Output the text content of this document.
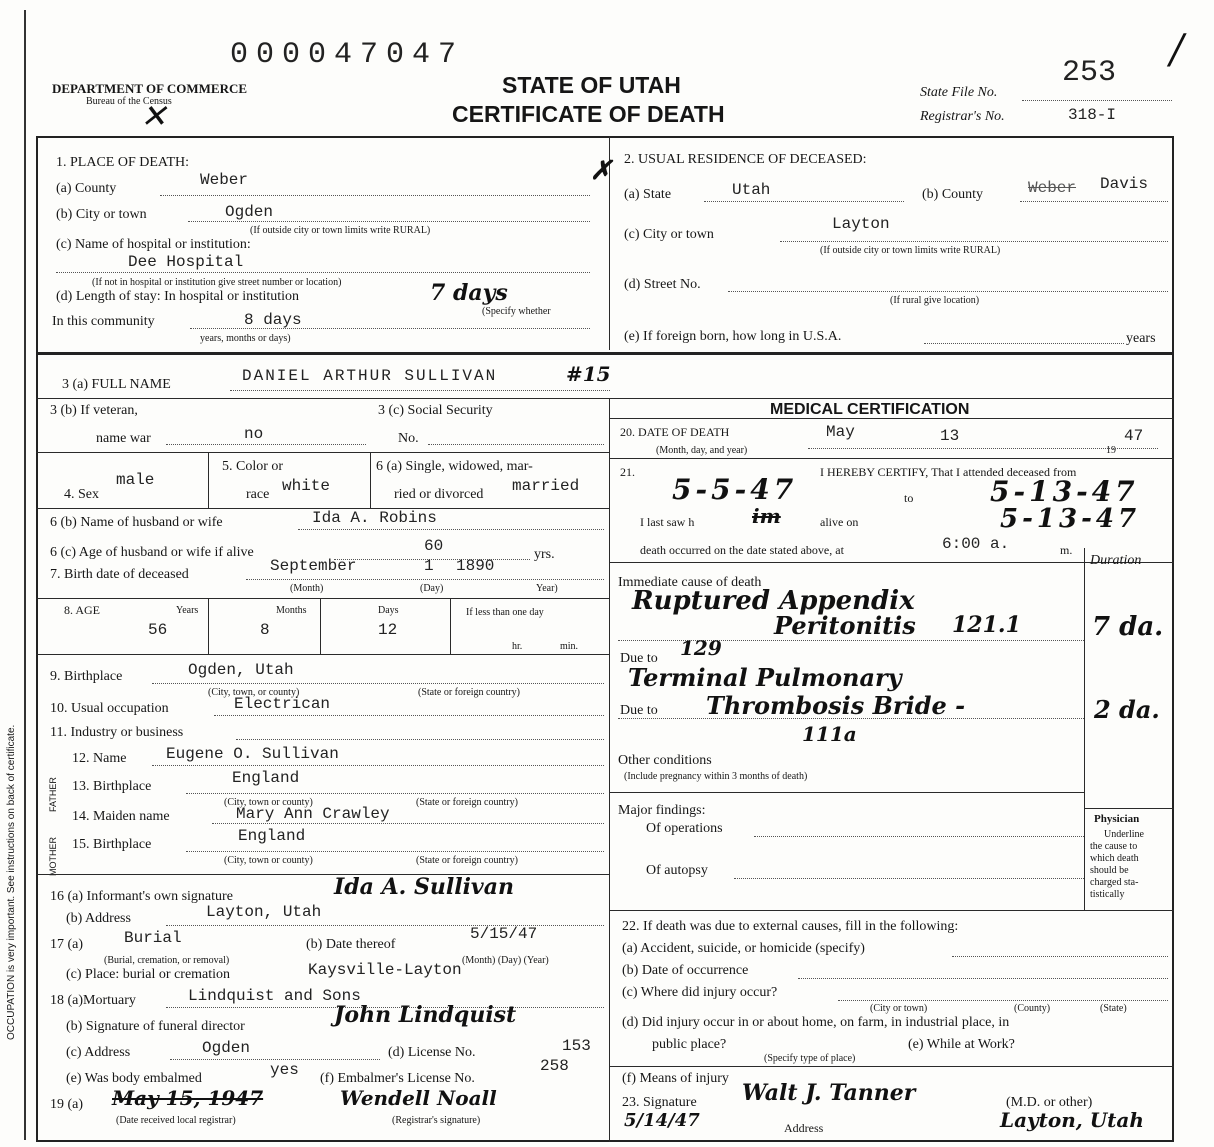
OCCUPATION is very important. See instructions on back of certificate.
000047047
253
DEPARTMENT OF COMMERCE
Bureau of the Census
✕
STATE OF UTAH
CERTIFICATE OF DEATH
State File No.
Registrar's No.	318-I
/
1. PLACE OF DEATH:	✗
(a) County	Weber
(b) City or town	Ogden
(If outside city or town limits write RURAL)
(c) Name of hospital or institution:
Dee Hospital
(If not in hospital or institution give street number or location)
(d) Length of stay: In hospital or institution	7 days
(Specify whether
In this community	8 days
years, months or days)
2. USUAL RESIDENCE OF DECEASED:
(a) State	Utah	(b) County	Weber Davis
(c) City or town
Layton
(If outside city or town limits write RURAL)
(d) Street No.
(If rural give location)
(e) If foreign born, how long in U.S.A.	years
3 (a) FULL NAME	DANIEL ARTHUR SULLIVAN	#15
3 (b) If veteran,
name war	no
3 (c) Social Security
No.
male
4. Sex
5. Color or
race white
6 (a) Single, widowed, mar-
ried or divorced married
6 (b) Name of husband or wife	Ida A. Robins
6 (c) Age of husband or wife if alive	60	yrs.
7. Birth date of deceased	September	1 1890
(Month)	(Day)	Year)
8. AGE	Years	Months	Days	If less than one day
56	8	12
hr.	min.
9. Birthplace	Ogden, Utah
(City, town, or county)	(State or foreign country)
10. Usual occupation	Electrican
11. Industry or business
MOTHER
FATHER
12. Name Eugene O. Sullivan
13. Birthplace	England
(City, town or county)	(State or foreign country)
14. Maiden name	Mary Ann Crawley
15. Birthplace	England
(City, town or county)	(State or foreign country)
16 (a) Informant's own signature	Ida A. Sullivan
(b) Address	Layton, Utah
17 (a)	Burial
(Burial, cremation, or removal)
(b) Date thereof
5/15/47
(Month) (Day) (Year)
(c) Place: burial or cremation	Kaysville-Layton
18 (a)Mortuary	Lindquist and Sons
(b) Signature of funeral director	John Lindquist
(c) Address	Ogden	(d) License No.	153
(e) Was body embalmed	yes (f) Embalmer's License No.
258
19 (a) May 15, 1947	Wendell Noall
(Date received local registrar)	(Registrar's signature)
MEDICAL CERTIFICATION
20. DATE OF DEATH
(Month, day, and year)
May	13
19
47
21.	I HEREBY CERTIFY, That I attended deceased from
5-5-47	to	5-13-47
I last saw h	im	alive on	5-13-47
death occurred on the date stated above, at	6:00 a.	m.
Duration
Immediate cause of death
Ruptured Appendix
Peritonitis 121.1	7 da.
Due to 129
Terminal Pulmonary
Due to Thrombosis Bride -	2 da.
111a
Other conditions
(Include pregnancy within 3 months of death)
Major findings:
Of operations
Of autopsy
Physician
Underline
the cause to
which death
should be
charged sta-
tistically
22. If death was due to external causes, fill in the following:
(a) Accident, suicide, or homicide (specify)
(b) Date of occurrence
(c) Where did injury occur?
(City or town)	(County)	(State)
(d) Did injury occur in or about home, on farm, in industrial place, in
public place?
(Specify type of place)
(e) While at Work?
(f) Means of injury
23. Signature Walt J. Tanner	(M.D. or other)
5/14/47	Address	Layton, Utah
